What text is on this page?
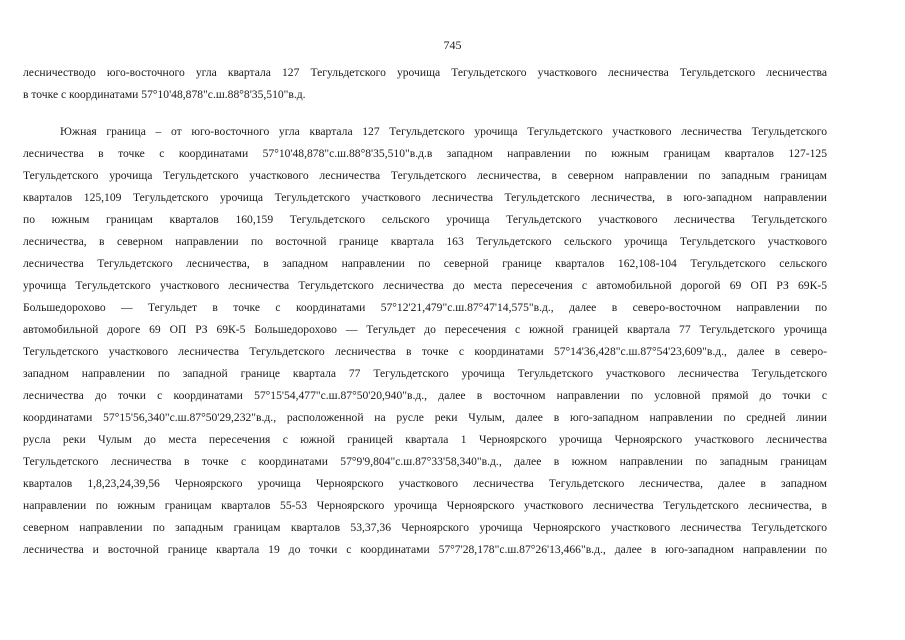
745
лесничестводо юго-восточного угла квартала 127 Тегульдетского урочища Тегульдетского участкового лесничества Тегульдетского лесничества
в точке с координатами 57°10'48,878"с.ш.88°8'35,510"в.д.
Южная граница – от юго-восточного угла квартала 127 Тегульдетского урочища Тегульдетского участкового лесничества Тегульдетского
лесничества в точке с координатами 57°10'48,878"с.ш.88°8'35,510"в.д.в западном направлении по южным границам кварталов 127-125
Тегульдетского урочища Тегульдетского участкового лесничества Тегульдетского лесничества, в северном направлении по западным границам
кварталов 125,109 Тегульдетского урочища Тегульдетского участкового лесничества Тегульдетского лесничества, в юго-западном направлении
по южным границам кварталов 160,159 Тегульдетского сельского урочища Тегульдетского участкового лесничества Тегульдетского
лесничества, в северном направлении по восточной границе квартала 163 Тегульдетского сельского урочища Тегульдетского участкового
лесничества Тегульдетского лесничества, в западном направлении по северной границе кварталов 162,108-104 Тегульдетского сельского
урочища Тегульдетского участкового лесничества Тегульдетского лесничества до места пересечения с автомобильной дорогой 69 ОП РЗ 69К-5
Большедорохово — Тегульдет в точке с координатами 57°12'21,479"с.ш.87°47'14,575"в.д., далее в северо-восточном направлении по
автомобильной дороге 69 ОП РЗ 69К-5 Большедорохово — Тегульдет до пересечения с южной границей квартала 77 Тегульдетского урочища
Тегульдетского участкового лесничества Тегульдетского лесничества в точке с координатами 57°14'36,428"с.ш.87°54'23,609"в.д., далее в северо-
западном направлении по западной границе квартала 77 Тегульдетского урочища Тегульдетского участкового лесничества Тегульдетского
лесничества до точки с координатами 57°15'54,477"с.ш.87°50'20,940"в.д., далее в восточном направлении по условной прямой до точки с
координатами 57°15'56,340"с.ш.87°50'29,232"в.д., расположенной на русле реки Чулым, далее в юго-западном направлении по средней линии
русла реки Чулым до места пересечения с южной границей квартала 1 Черноярского урочища Черноярского участкового лесничества
Тегульдетского лесничества в точке с координатами 57°9'9,804"с.ш.87°33'58,340"в.д., далее в южном направлении по западным границам
кварталов 1,8,23,24,39,56 Черноярского урочища Черноярского участкового лесничества Тегульдетского лесничества, далее в западном
направлении по южным границам кварталов 55-53 Черноярского урочища Черноярского участкового лесничества Тегульдетского лесничества, в
северном направлении по западным границам кварталов 53,37,36 Черноярского урочища Черноярского участкового лесничества Тегульдетского
лесничества и восточной границе квартала 19 до точки с координатами 57°7'28,178"с.ш.87°26'13,466"в.д., далее в юго-западном направлении по
